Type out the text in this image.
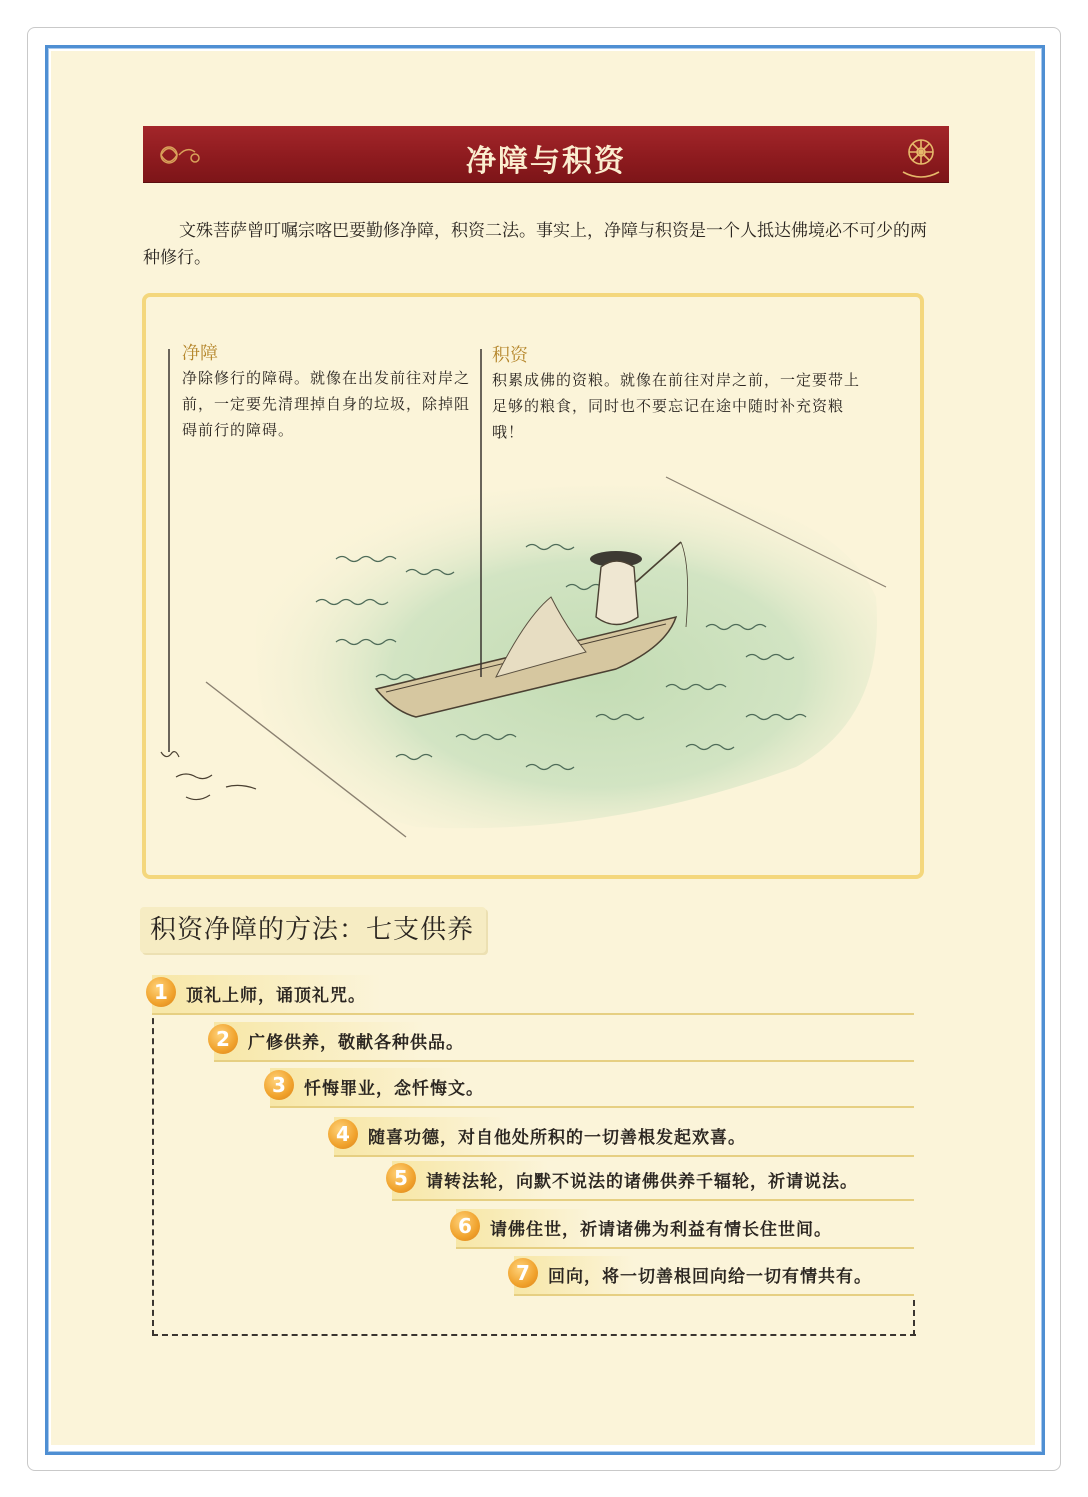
净障与积资
文殊菩萨曾叮嘱宗喀巴要勤修净障，积资二法。事实上，净障与积资是一个人抵达佛境必不可少的两种修行。
净障
净除修行的障碍。就像在出发前往对岸之前，一定要先清理掉自身的垃圾，除掉阻碍前行的障碍。
积资
积累成佛的资粮。就像在前往对岸之前，一定要带上足够的粮食，同时也不要忘记在途中随时补充资粮哦！
积资净障的方法：七支供养
1	顶礼上师，诵顶礼咒。
2	广修供养，敬献各种供品。
3	忏悔罪业，念忏悔文。
4	随喜功德，对自他处所积的一切善根发起欢喜。
5	请转法轮，向默不说法的诸佛供养千辐轮，祈请说法。
6	请佛住世，祈请诸佛为利益有情长住世间。
7	回向，将一切善根回向给一切有情共有。
